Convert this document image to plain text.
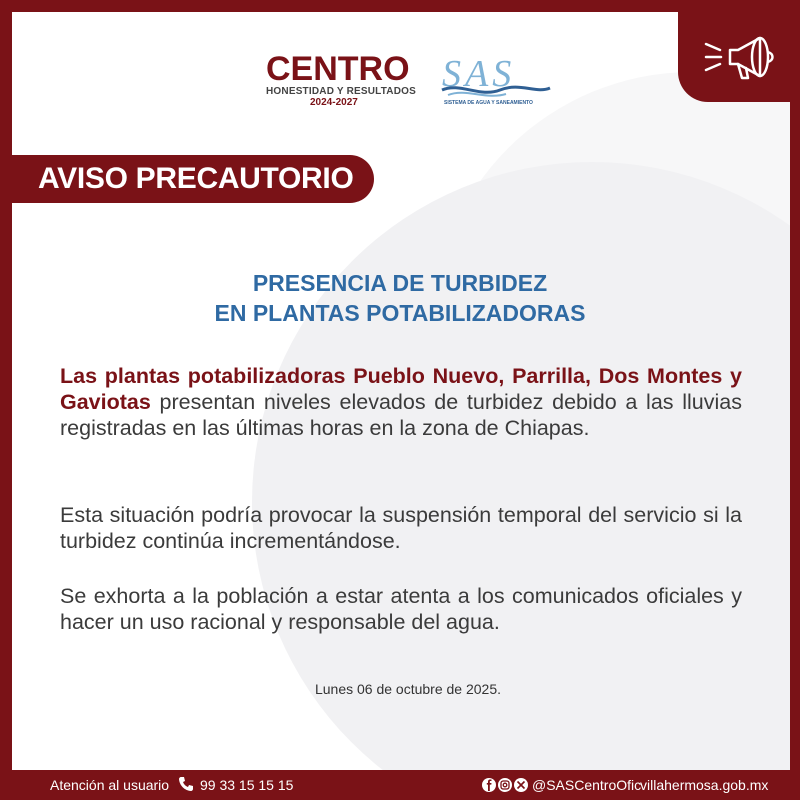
CENTRO
HONESTIDAD Y RESULTADOS
2024-2027
SAS
SISTEMA DE AGUA Y SANEAMIENTO
AVISO PRECAUTORIO
PRESENCIA DE TURBIDEZ
EN PLANTAS POTABILIZADORAS

Las plantas potabilizadoras Pueblo Nuevo, Parrilla, Dos Montes y Gaviotas presentan niveles elevados de turbidez debido a las lluvias registradas en las últimas horas en la zona de Chiapas.

Esta situación podría provocar la suspensión temporal del servicio si la turbidez continúa incrementándose.

Se exhorta a la población a estar atenta a los comunicados oficiales y hacer un uso racional y responsable del agua.

Lunes 06 de octubre de 2025.
Atención al usuario 99 33 15 15 15	@SASCentroOfic
villahermosa.gob.mx
